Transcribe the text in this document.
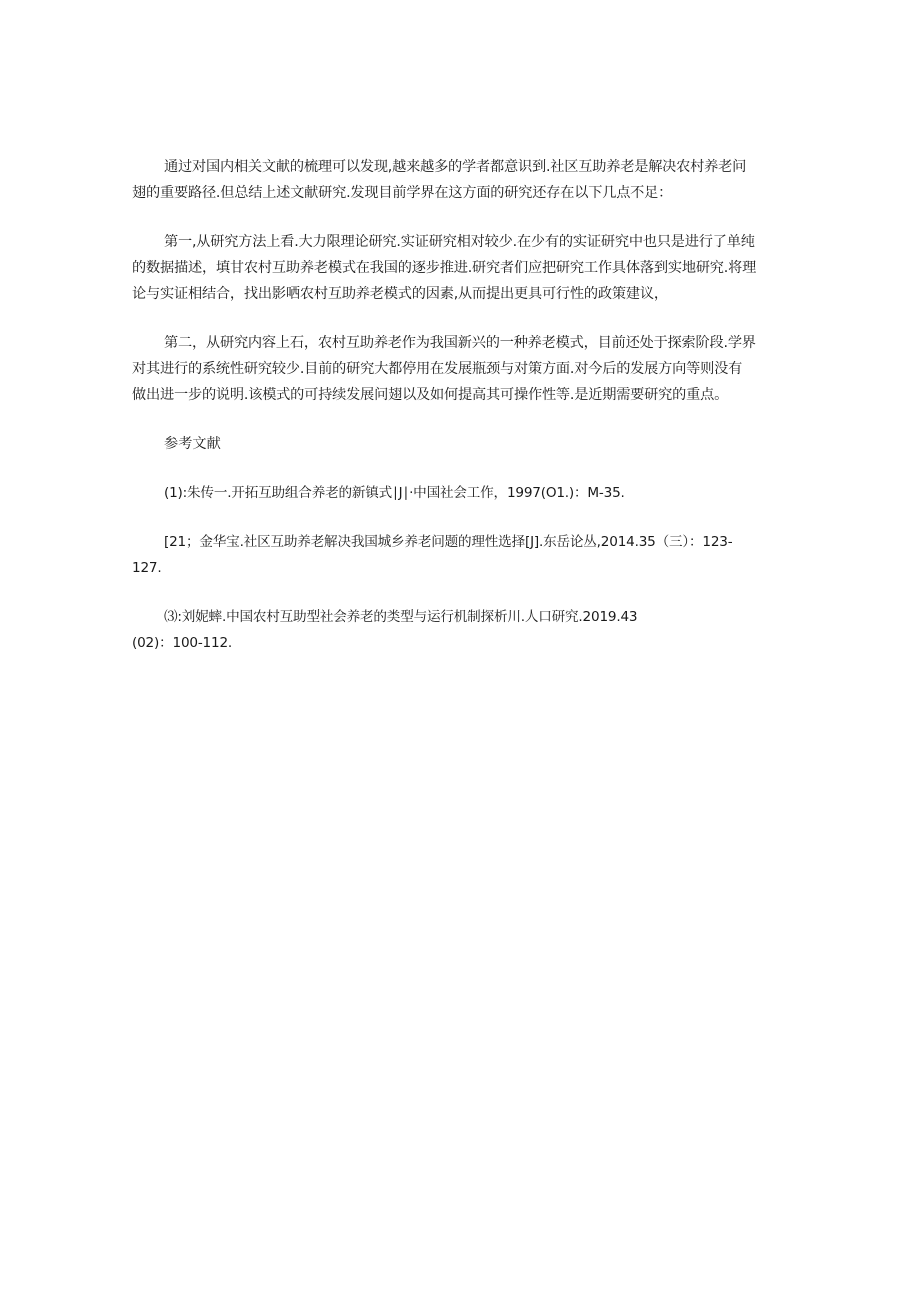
通过对国内相关文献的梳理可以发现,越来越多的学者都意识到.社区互助养老是解决农村养老问
翅的重要路径.但总结上述文献研究.发现目前学界在这方面的研究还存在以下几点不足：

第一,从研究方法上看.大力限理论研究.实证研究相对较少.在少有的实证研究中也只是进行了单纯
的数据描述，填甘农村互助养老模式在我国的逐步推进.研究者们应把研究工作具体落到实地研究.将理
论与实证相结合，找出影哂农村互助养老模式的因素,从而提出更具可行性的政策建议，

第二，从研究内容上石，农村互助养老作为我国新兴的一种养老模式，目前还处于探索阶段.学界
对其进行的系统性研究较少.目前的研究大都停用在发展瓶颈与对策方面.对今后的发展方向等则没有
做出进一步的说明.该模式的可持续发展问翅以及如何提高其可操作性等.是近期需要研究的重点。

参考文献

(1):朱传一.开拓互助组合养老的新镇式∣J∣·中国社会工作，1997(O1.)：M-35.

[21；金华宝.社区互助养老解决我国城乡养老问题的理性选择[J].东岳论丛,2014.35（三）：123-
127.

⑶:刘妮蟀.中国农村互助型社会养老的类型与运行机制探析川.人口研究.2019.43
(02)：100-112.
